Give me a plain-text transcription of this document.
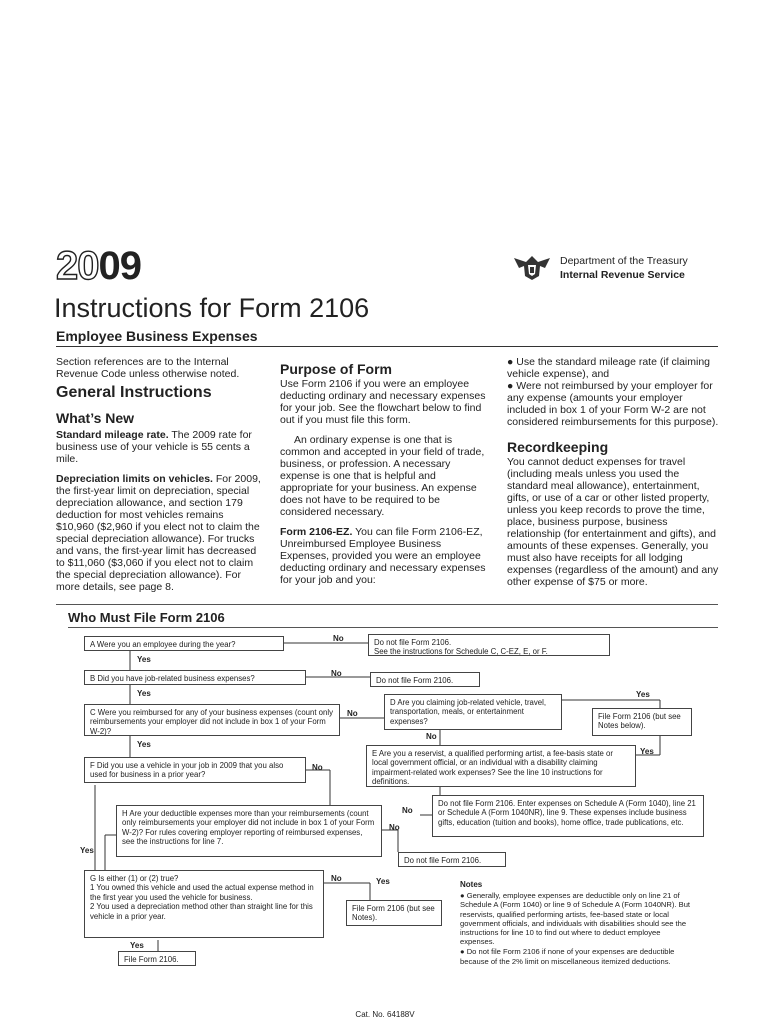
2009	Department of the Treasury
Internal Revenue Service
Instructions for Form 2106
Employee Business Expenses

Section references are to the Internal Revenue Code unless otherwise noted.

General Instructions
What’s New

Standard mileage rate. The 2009 rate for business use of your vehicle is 55 cents a mile.

Depreciation limits on vehicles. For 2009, the first-year limit on depreciation, special depreciation allowance, and section 179 deduction for most vehicles remains $10,960 ($2,960 if you elect not to claim the special depreciation allowance). For trucks and vans, the first-year limit has decreased to $11,060 ($3,060 if you elect not to claim the special depreciation allowance). For more details, see page 8.

Purpose of Form

Use Form 2106 if you were an employee deducting ordinary and necessary expenses for your job. See the flowchart below to find out if you must file this form.

An ordinary expense is one that is common and accepted in your field of trade, business, or profession. A necessary expense is one that is helpful and appropriate for your business. An expense does not have to be required to be considered necessary.

Form 2106-EZ. You can file Form 2106-EZ, Unreimbursed Employee Business Expenses, provided you were an employee deducting ordinary and necessary expenses for your job and you:

● Use the standard mileage rate (if claiming vehicle expense), and

● Were not reimbursed by your employer for any expense (amounts your employer included in box 1 of your Form W-2 are not considered reimbursements for this purpose).

Recordkeeping

You cannot deduct expenses for travel (including meals unless you used the standard meal allowance), entertainment, gifts, or use of a car or other listed property, unless you keep records to prove the time, place, business purpose, business relationship (for entertainment and gifts), and amounts of these expenses. Generally, you must also have receipts for all lodging expenses (regardless of the amount) and any other expense of $75 or more.

Who Must File Form 2106
A Were you an employee during the year?
No	Do not file Form 2106.
See the instructions for Schedule C, C-EZ, E, or F.
Yes
B Did you have job-related business expenses?
No
Do not file Form 2106.
Yes
C Were you reimbursed for any of your business expenses (count only reimbursements your employer did not include in box 1 of your Form W-2)?
No
D Are you claiming job-related vehicle, travel, transportation, meals, or entertainment expenses?
Yes
File Form 2106 (but see Notes below).
No
Yes
E Are you a reservist, a qualified performing artist, a fee-basis state or local government official, or an individual with a disability claiming impairment-related work expenses? See the line 10 instructions for definitions.
Yes
F Did you use a vehicle in your job in 2009 that you also used for business in a prior year?
No
Do not file Form 2106. Enter expenses on Schedule A (Form 1040), line 21 or Schedule A (Form 1040NR), line 9. These expenses include business gifts, education (tuition and books), home office, trade publications, etc.
No
H Are your deductible expenses more than your reimbursements (count only reimbursements your employer did not include in box 1 of your Form W-2)? For rules covering employer reporting of reimbursed expenses, see the instructions for line 7.
No
Do not file Form 2106.
Yes
G Is either (1) or (2) true?
1 You owned this vehicle and used the actual expense method in the first year you used the vehicle for business.
2 You used a depreciation method other than straight line for this vehicle in a prior year.
No	Yes
File Form 2106 (but see Notes).
Yes
File Form 2106.
Notes
● Generally, employee expenses are deductible only on line 21 of Schedule A (Form 1040) or line 9 of Schedule A (Form 1040NR). But reservists, qualified performing artists, fee-based state or local government officials, and individuals with disabilities should see the instructions for line 10 to find out where to deduct employee expenses.
● Do not file Form 2106 if none of your expenses are deductible because of the 2% limit on miscellaneous itemized deductions.
Cat. No. 64188V
